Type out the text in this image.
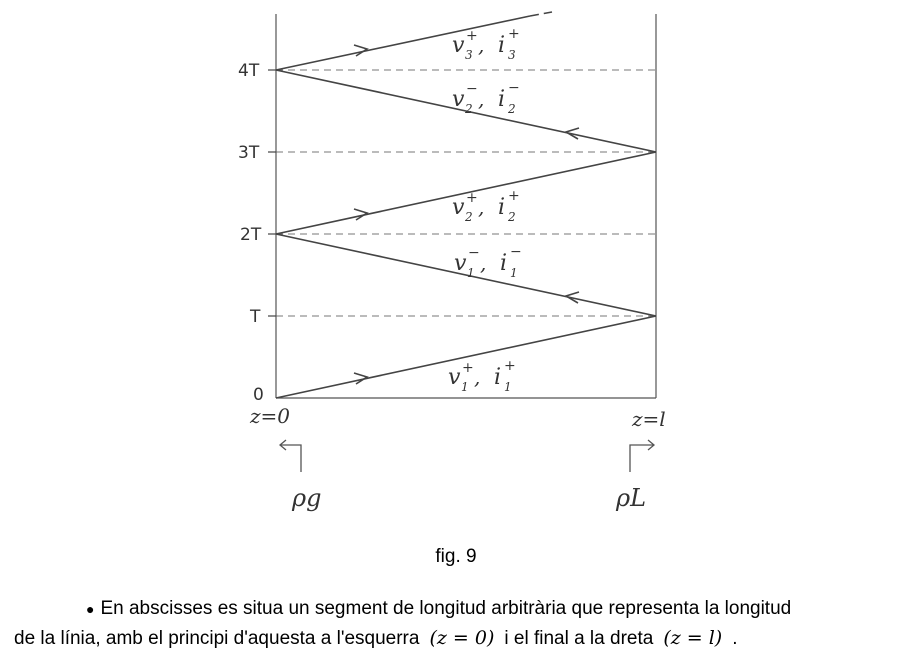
0
T
2T
3T
4T
v 1
+ , i 1
+
v 1
− , i 1
−
v 2
+ , i 2
+
v 2
− , i 2
−
v 3
+ , i 3
+
z=0	z=l
ρg	ρL
fig. 9
● En abscisses es situa un segment de longitud arbitrària que representa la longitud
de la línia, amb el principi d'aquesta a l'esquerra (z = 0) i el final a la dreta (z = l) .
